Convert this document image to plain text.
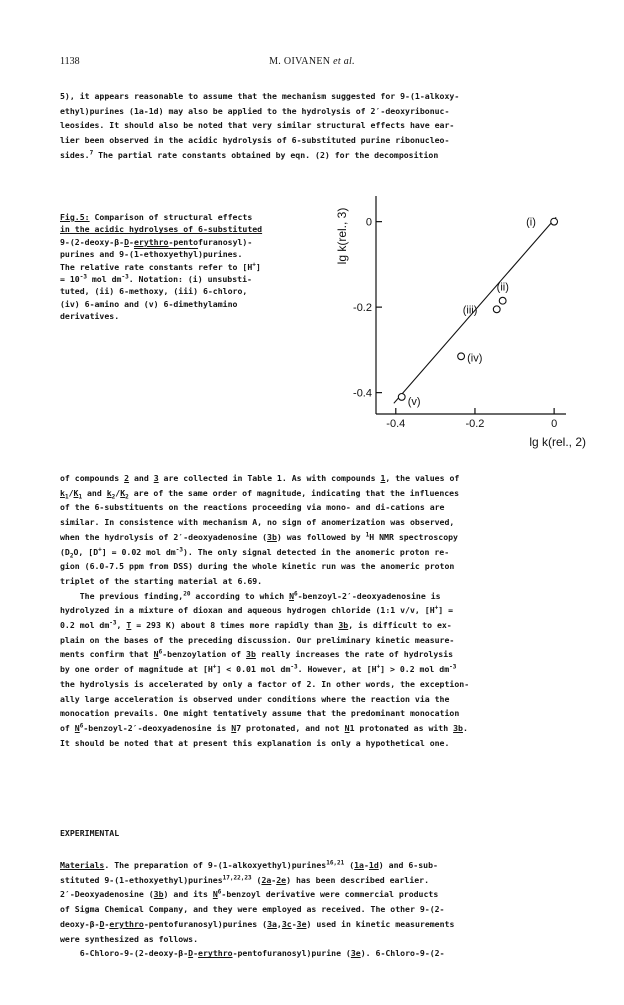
1138	M. OIVANEN et al.
5), it appears reasonable to assume that the mechanism suggested for 9-(1-alkoxy-
ethyl)purines (1a-1d) may also be applied to the hydrolysis of 2′-deoxyribonuc-
leosides. It should also be noted that very similar structural effects have ear-
lier been observed in the acidic hydrolysis of 6-substituted purine ribonucleo-
sides.$^7$ The partial rate constants obtained by eqn. (2) for the decomposition
Fig.5: Comparison of structural effects
in the acidic hydrolyses of 6-substituted
9-(2-deoxy-β-D-erythro-pentofuranosyl)-
purines and 9-(1-ethoxyethyl)purines.
The relative rate constants refer to [H+]
= $10^{-3}$ mol $dm^{-3}$. Notation: (i) unsubsti-
tuted, (ii) 6-methoxy, (iii) 6-chloro,
(iv) 6-amino and (v) 6-dimethylamino
derivatives.
0
-0.2
-0.4
-0.4	-0.2	0
lg k(rel., 3)
lg k(rel., 2)
(i)
(ii)
(iii)
(iv)
(v)
of compounds 2 and 3 are collected in Table 1. As with compounds 1, the values of
$k_1/K_1$ and $k_2/K_2$ are of the same order of magnitude, indicating that the influences
of the 6-substituents on the reactions proceeding via mono- and di-cations are
similar. In consistence with mechanism A, no sign of anomerization was observed,
when the hydrolysis of 2′-deoxyadenosine (3b) was followed by $^1$H NMR spectroscopy
($D_2O$, [D+] = 0.02 mol $dm^{-3}$). The only signal detected in the anomeric proton re-
gion (6.0-7.5 ppm from DSS) during the whole kinetic run was the anomeric proton
triplet of the starting material at 6.69.
The previous finding,$^{20}$ according to which $N^6-benzoyl-2'$-deoxyadenosine is
hydrolyzed in a mixture of dioxan and aqueous hydrogen chloride (1:1 v/v, [H+] =
0.2 mol $dm^{-3}$, T = 293 K) about 8 times more rapidly than 3b, is difficult to ex-
plain on the bases of the preceding discussion. Our preliminary kinetic measure-
ments confirm that $N^6$-benzoylation of 3b really increases the rate of hydrolysis
by one order of magnitude at [H+] < 0.01 mol $dm^{-3}$. However, at [H+] > 0.2 mol $dm^{-3}$
the hydrolysis is accelerated by only a factor of 2. In other words, the exception-
ally large acceleration is observed under conditions where the reaction via the
monocation prevails. One might tentatively assume that the predominant monocation
of $N^6-benzoyl-2'$-deoxyadenosine is N7 protonated, and not N1 protonated as with 3b.
It should be noted that at present this explanation is only a hypothetical one.
EXPERIMENTAL
Materials. The preparation of 9-(1-alkoxyethyl)purines$^{16,21}$ (1a-1d) and 6-sub-
stituted 9-(1-ethoxyethyl)purines$^{17,22,23}$ (2a-2e) has been described earlier.
2′-Deoxyadenosine (3b) and its $N^6$-benzoyl derivative were commercial products
of Sigma Chemical Company, and they were employed as received. The other 9-(2-
deoxy-β-D-erythro-pentofuranosyl)purines (3a,3c-3e) used in kinetic measurements
were synthesized as follows.
6-Chloro-9-(2-deoxy-β-D-erythro-pentofuranosyl)purine (3e). 6-Chloro-9-(2-
